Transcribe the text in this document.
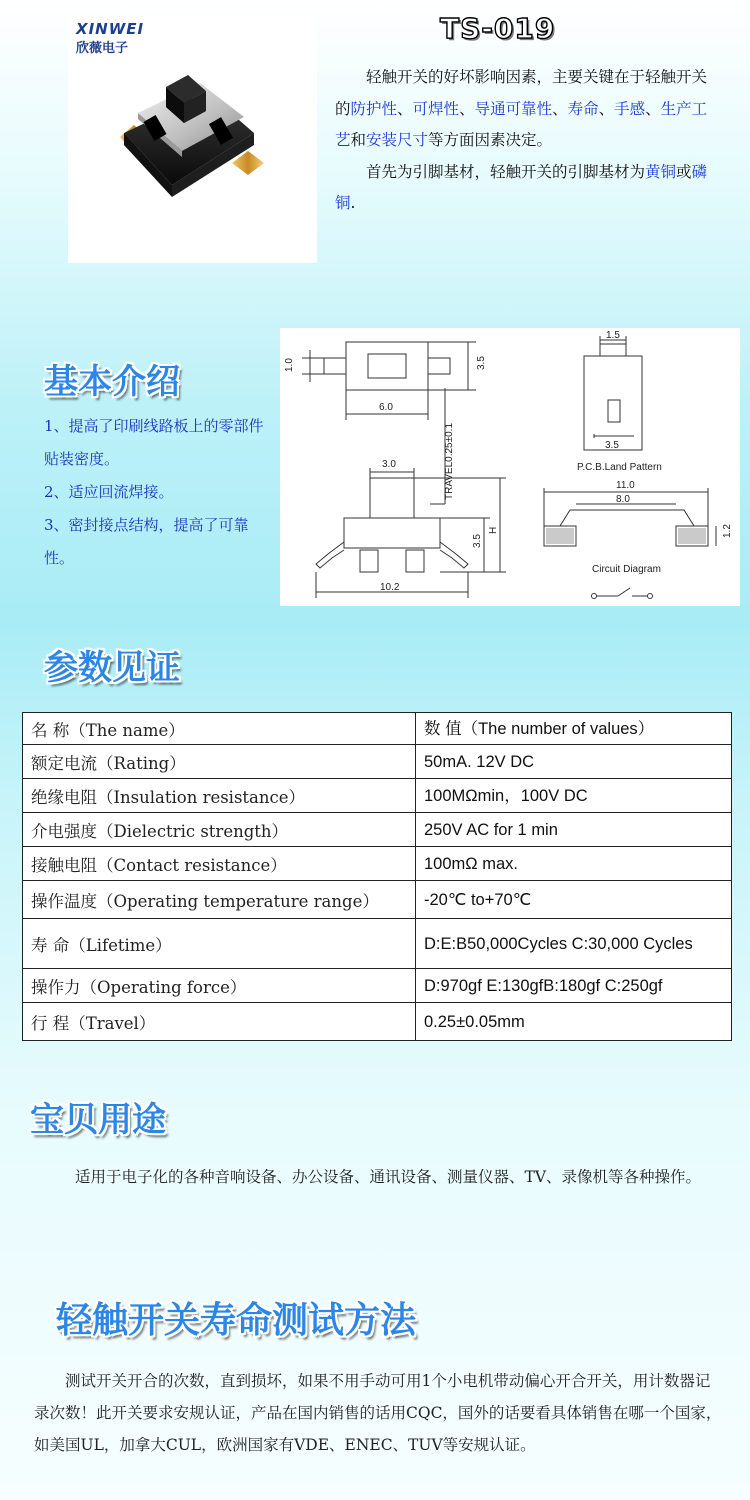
XINWEI
欣薇电子
TS-019

轻触开关的好坏影响因素，主要关键在于轻触开关的防护性、可焊性、导通可靠性、寿命、手感、生产工艺和安装尺寸等方面因素决定。

首先为引脚基材，轻触开关的引脚基材为黄铜或磷铜.

基本介绍
1、提高了印刷线路板上的零部件贴装密度。
2、适应回流焊接。
3、密封接点结构，提高了可靠性。
1.0	3.5
6.0
TRAVEL0.25±0.1
3.0
3.5
H
10.2
1.5
3.5
P.C.B.Land Pattern
11.0
8.0
1.2
Circuit Diagram
参数见证
名 称（The name）	数 值（The number of values）
额定电流（Rating）	50mA. 12V DC
绝缘电阻（Insulation resistance）	100MΩmin，100V DC
介电强度（Dielectric strength）	250V AC for 1 min
接触电阻（Contact resistance）	100mΩ max.
操作温度（Operating temperature range）	-20℃ to+70℃
寿 命（Lifetime）	D:E:B50,000Cycles C:30,000 Cycles
操作力（Operating force）	D:970gf E:130gfB:180gf C:250gf
行 程（Travel）	0.25±0.05mm
宝贝用途

适用于电子化的各种音响设备、办公设备、通讯设备、测量仪器、TV、录像机等各种操作。

轻触开关寿命测试方法

测试开关开合的次数，直到损坏，如果不用手动可用1个小电机带动偏心开合开关，用计数器记录次数！此开关要求安规认证，产品在国内销售的话用CQC，国外的话要看具体销售在哪一个国家，如美国UL，加拿大CUL，欧洲国家有VDE、ENEC、TUV等安规认证。
